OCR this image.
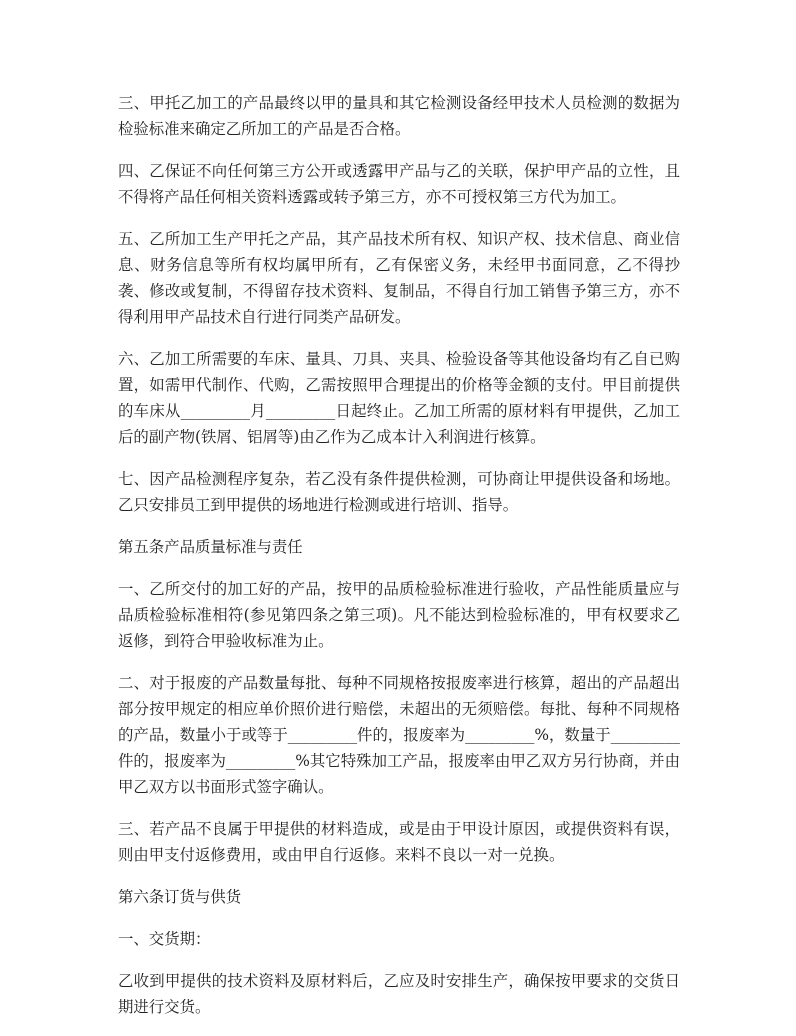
三、甲托乙加工的产品最终以甲的量具和其它检测设备经甲技术人员检测的数据为检验标准来确定乙所加工的产品是否合格。

四、乙保证不向任何第三方公开或透露甲产品与乙的关联，保护甲产品的立性，且不得将产品任何相关资料透露或转予第三方，亦不可授权第三方代为加工。

五、乙所加工生产甲托之产品，其产品技术所有权、知识产权、技术信息、商业信息、财务信息等所有权均属甲所有，乙有保密义务，未经甲书面同意，乙不得抄袭、修改或复制，不得留存技术资料、复制品，不得自行加工销售予第三方，亦不得利用甲产品技术自行进行同类产品研发。

六、乙加工所需要的车床、量具、刀具、夹具、检验设备等其他设备均有乙自已购置，如需甲代制作、代购，乙需按照甲合理提出的价格等金额的支付。甲目前提供的车床从_________月_________日起终止。乙加工所需的原材料有甲提供，乙加工后的副产物(铁屑、铝屑等)由乙作为乙成本计入利润进行核算。

七、因产品检测程序复杂，若乙没有条件提供检测，可协商让甲提供设备和场地。乙只安排员工到甲提供的场地进行检测或进行培训、指导。

第五条产品质量标准与责任

一、乙所交付的加工好的产品，按甲的品质检验标准进行验收，产品性能质量应与品质检验标准相符(参见第四条之第三项)。凡不能达到检验标准的，甲有权要求乙返修，到符合甲验收标准为止。

二、对于报废的产品数量每批、每种不同规格按报废率进行核算，超出的产品超出部分按甲规定的相应单价照价进行赔偿，未超出的无须赔偿。每批、每种不同规格的产品，数量小于或等于_________件的，报废率为_________%，数量于_________件的，报废率为_________%其它特殊加工产品，报废率由甲乙双方另行协商，并由甲乙双方以书面形式签字确认。

三、若产品不良属于甲提供的材料造成，或是由于甲设计原因，或提供资料有误，则由甲支付返修费用，或由甲自行返修。来料不良以一对一兑换。

第六条订货与供货

一、交货期：

乙收到甲提供的技术资料及原材料后，乙应及时安排生产，确保按甲要求的交货日期进行交货。
